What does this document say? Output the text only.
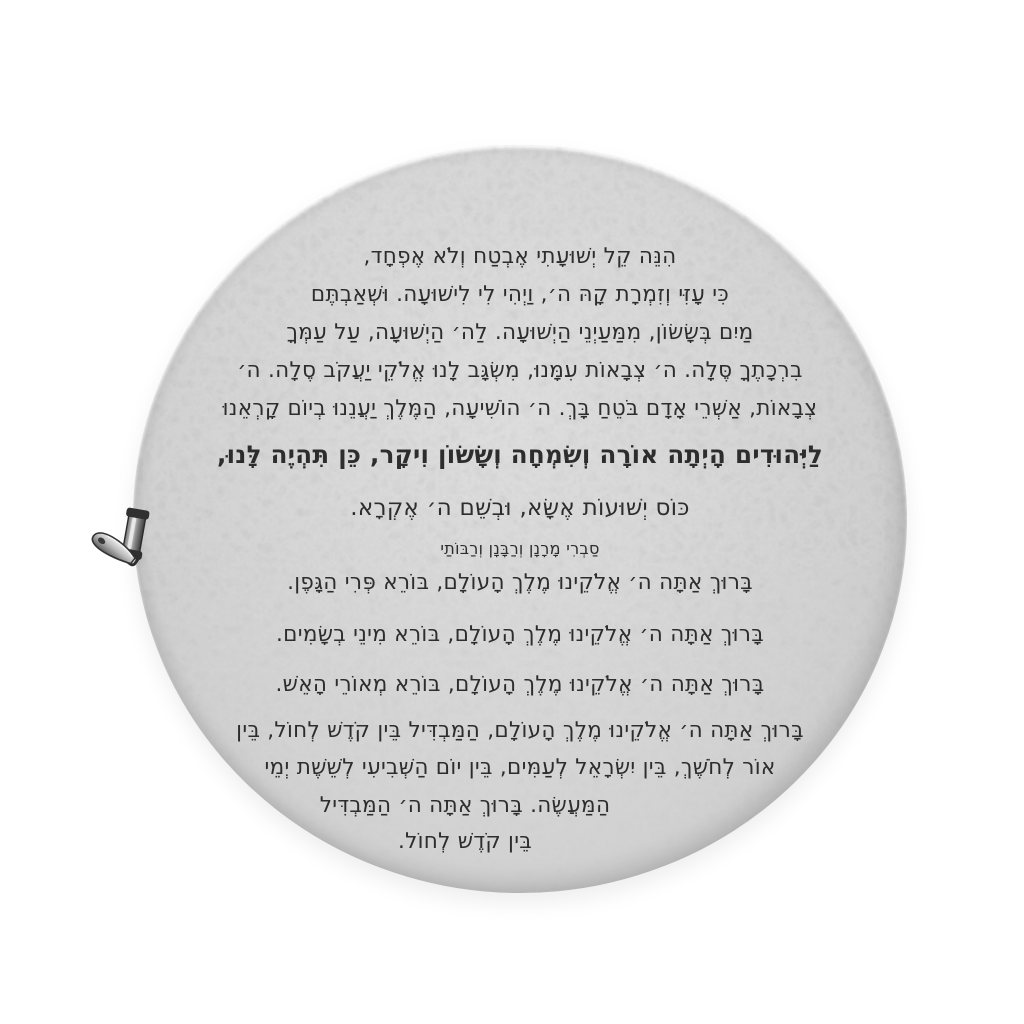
הִנֵּה קֵל יְשׁוּעָתִי אֶבְטַח וְלֹא אֶפְחָד,
כִּי עָזִּי וְזִמְרָת קָהּ ה׳, וַיְהִי לִי לִישׁוּעָה. וּשְׁאַבְתֶּם
מַיִם בְּשָׂשׂוֹן, מִמַּעַיְנֵי הַיְשׁוּעָה. לַה׳ הַיְשׁוּעָה, עַל עַמְּךָ
בִרְכָתֶךָ סֶּלָה. ה׳ צְבָאוֹת עִמָּנוּ, מִשְׂגָּב לָנוּ אֱלֹקֵי יַעֲקֹב סֶלָה. ה׳
צְבָאוֹת, אַשְׁרֵי אָדָם בֹּטֵחַ בָּךְ. ה׳ הוֹשִׁיעָה, הַמֶּלֶךְ יַעֲנֵנוּ בְיוֹם קָרְאֵנוּ
לַיְּהוּדִים הָיְתָה אוֹרָה וְשִׂמְחָה וְשָׂשׂוֹן וִיקָר, כֵּן תִּהְיֶה לָּנוּ,
כּוֹס יְשׁוּעוֹת אֶשָּׂא, וּבְשֵׁם ה׳ אֶקְרָא.
סַבְרִי מָרָנָן וְרַבָּנָן וְרַבּוֹתַי
בָּרוּךְ אַתָּה ה׳ אֱלֹקֵינוּ מֶלֶךְ הָעוֹלָם, בּוֹרֵא פְּרִי הַגָּפֶן.
בָּרוּךְ אַתָּה ה׳ אֱלֹקֵינוּ מֶלֶךְ הָעוֹלָם, בּוֹרֵא מִינֵי בְשָׂמִים.
בָּרוּךְ אַתָּה ה׳ אֱלֹקֵינוּ מֶלֶךְ הָעוֹלָם, בּוֹרֵא מְאוֹרֵי הָאֵשׁ.
בָּרוּךְ אַתָּה ה׳ אֱלֹקֵינוּ מֶלֶךְ הָעוֹלָם, הַמַּבְדִּיל בֵּין קֹדֶשׁ לְחוֹל, בֵּין
אוֹר לְחֹשֶׁךְ, בֵּין יִשְׂרָאֵל לְעַמִּים, בֵּין יוֹם הַשְּׁבִיעִי לְשֵׁשֶׁת יְמֵי
הַמַּעֲשֶׂה. בָּרוּךְ אַתָּה ה׳ הַמַּבְדִּיל
בֵּין קֹדֶשׁ לְחוֹל.
